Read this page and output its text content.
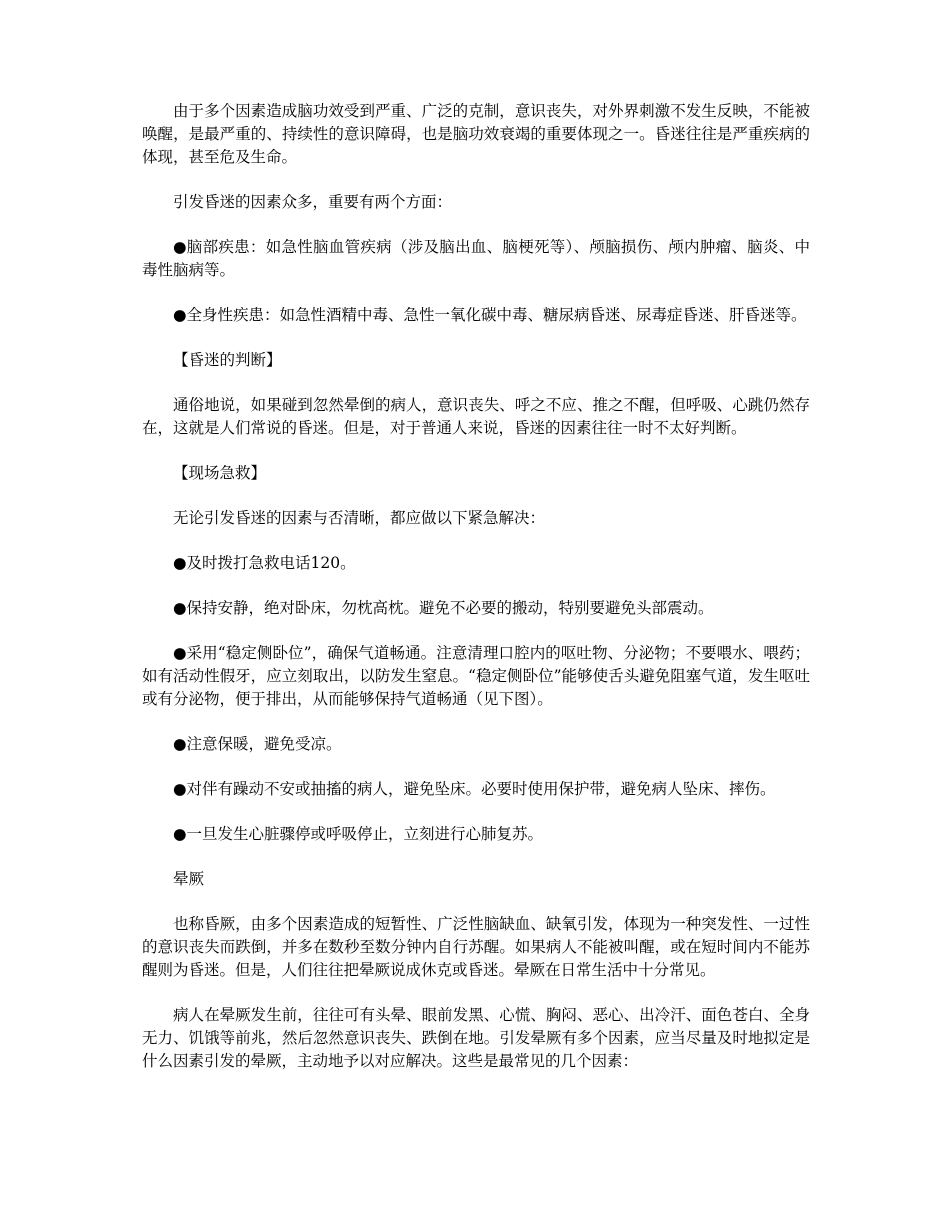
由于多个因素造成脑功效受到严重、广泛的克制，意识丧失，对外界刺激不发生反映，不能被唤醒，是最严重的、持续性的意识障碍，也是脑功效衰竭的重要体现之一。昏迷往往是严重疾病的体现，甚至危及生命。

引发昏迷的因素众多，重要有两个方面：

●脑部疾患：如急性脑血管疾病（涉及脑出血、脑梗死等）、颅脑损伤、颅内肿瘤、脑炎、中毒性脑病等。

●全身性疾患：如急性酒精中毒、急性一氧化碳中毒、糖尿病昏迷、尿毒症昏迷、肝昏迷等。

【昏迷的判断】

通俗地说，如果碰到忽然晕倒的病人，意识丧失、呼之不应、推之不醒，但呼吸、心跳仍然存在，这就是人们常说的昏迷。但是，对于普通人来说，昏迷的因素往往一时不太好判断。

【现场急救】

无论引发昏迷的因素与否清晰，都应做以下紧急解决：

●及时拨打急救电话120。

●保持安静，绝对卧床，勿枕高枕。避免不必要的搬动，特别要避免头部震动。

●采用“稳定侧卧位”，确保气道畅通。注意清理口腔内的呕吐物、分泌物；不要喂水、喂药；如有活动性假牙，应立刻取出，以防发生窒息。“稳定侧卧位”能够使舌头避免阻塞气道，发生呕吐或有分泌物，便于排出，从而能够保持气道畅通（见下图）。

●注意保暖，避免受凉。

●对伴有躁动不安或抽搐的病人，避免坠床。必要时使用保护带，避免病人坠床、摔伤。

●一旦发生心脏骤停或呼吸停止，立刻进行心肺复苏。

晕厥

也称昏厥，由多个因素造成的短暂性、广泛性脑缺血、缺氧引发，体现为一种突发性、一过性的意识丧失而跌倒，并多在数秒至数分钟内自行苏醒。如果病人不能被叫醒，或在短时间内不能苏醒则为昏迷。但是，人们往往把晕厥说成休克或昏迷。晕厥在日常生活中十分常见。

病人在晕厥发生前，往往可有头晕、眼前发黑、心慌、胸闷、恶心、出冷汗、面色苍白、全身无力、饥饿等前兆，然后忽然意识丧失、跌倒在地。引发晕厥有多个因素，应当尽量及时地拟定是什么因素引发的晕厥，主动地予以对应解决。这些是最常见的几个因素：
